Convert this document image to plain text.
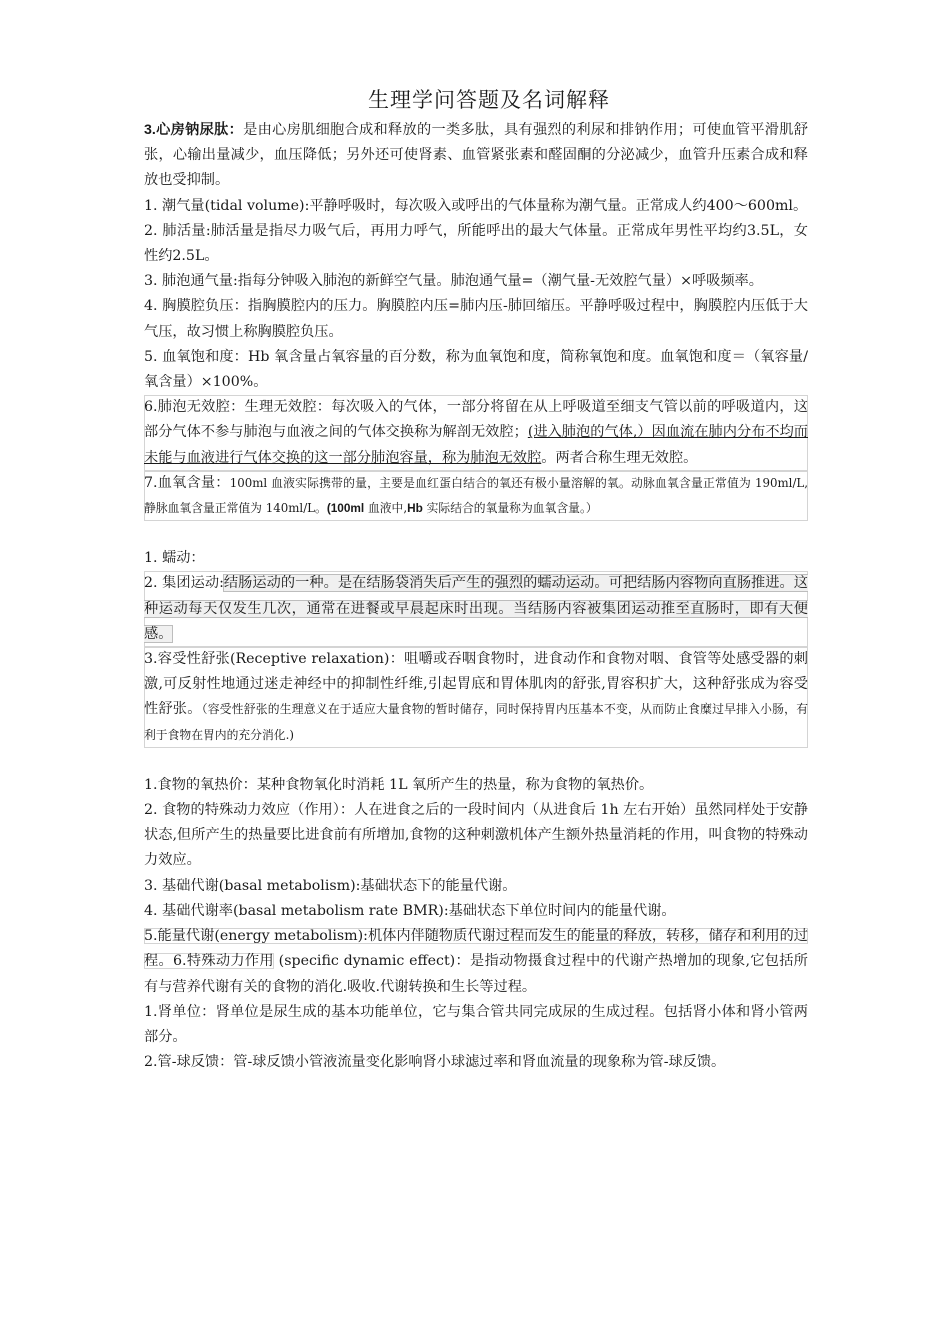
生理学问答题及名词解释

3.心房钠尿肽：是由心房肌细胞合成和释放的一类多肽，具有强烈的利尿和排钠作用；可使血管平滑肌舒张，心输出量减少，血压降低；另外还可使肾素、血管紧张素和醛固酮的分泌减少，血管升压素合成和释放也受抑制。

1. 潮气量(tidal volume):平静呼吸时，每次吸入或呼出的气体量称为潮气量。正常成人约400～600ml。

2. 肺活量:肺活量是指尽力吸气后，再用力呼气，所能呼出的最大气体量。正常成年男性平均约3.5L，女性约2.5L。

3. 肺泡通气量:指每分钟吸入肺泡的新鲜空气量。肺泡通气量=（潮气量-无效腔气量）×呼吸频率。

4. 胸膜腔负压：指胸膜腔内的压力。胸膜腔内压=肺内压-肺回缩压。平静呼吸过程中，胸膜腔内压低于大气压，故习惯上称胸膜腔负压。

5. 血氧饱和度：Hb 氧含量占氧容量的百分数，称为血氧饱和度，简称氧饱和度。血氧饱和度＝（氧容量/氧含量）×100%。

6.肺泡无效腔：生理无效腔：每次吸入的气体，一部分将留在从上呼吸道至细支气管以前的呼吸道内，这部分气体不参与肺泡与血液之间的气体交换称为解剖无效腔；(进入肺泡的气体,）因血流在肺内分布不均而未能与血液进行气体交换的这一部分肺泡容量，称为肺泡无效腔。两者合称生理无效腔。

7.血氧含量：100ml 血液实际携带的量，主要是血红蛋白结合的氧还有极小量溶解的氧。动脉血氧含量正常值为 190ml/L,静脉血氧含量正常值为 140ml/L。(100ml 血液中,Hb 实际结合的氧量称为血氧含量。）

1. 蠕动：

2. 集团运动:结肠运动的一种。是在结肠袋消失后产生的强烈的蠕动运动。可把结肠内容物向直肠推进。这种运动每天仅发生几次，通常在进餐或早晨起床时出现。当结肠内容被集团运动推至直肠时，即有大便感。

3.容受性舒张(Receptive relaxation)：咀嚼或吞咽食物时，进食动作和食物对咽、食管等处感受器的刺激,可反射性地通过迷走神经中的抑制性纤维,引起胃底和胃体肌肉的舒张,胃容积扩大，这种舒张成为容受性舒张。（容受性舒张的生理意义在于适应大量食物的暂时储存，同时保持胃内压基本不变，从而防止食糜过早排入小肠，有利于食物在胃内的充分消化.)

1.食物的氧热价：某种食物氧化时消耗 1L 氧所产生的热量，称为食物的氧热价。

2. 食物的特殊动力效应（作用）：人在进食之后的一段时间内（从进食后 1h 左右开始）虽然同样处于安静状态,但所产生的热量要比进食前有所增加,食物的这种刺激机体产生额外热量消耗的作用，叫食物的特殊动力效应。

3. 基础代谢(basal metabolism):基础状态下的能量代谢。

4. 基础代谢率(basal metabolism rate BMR):基础状态下单位时间内的能量代谢。

5.能量代谢(energy metabolism):机体内伴随物质代谢过程而发生的能量的释放，转移，储存和利用的过程。6.特殊动力作用 (specific dynamic effect)：是指动物摄食过程中的代谢产热增加的现象,它包括所有与营养代谢有关的食物的消化.吸收.代谢转换和生长等过程。

1.肾单位：肾单位是尿生成的基本功能单位，它与集合管共同完成尿的生成过程。包括肾小体和肾小管两部分。

2.管-球反馈：管-球反馈小管液流量变化影响肾小球滤过率和肾血流量的现象称为管-球反馈。
